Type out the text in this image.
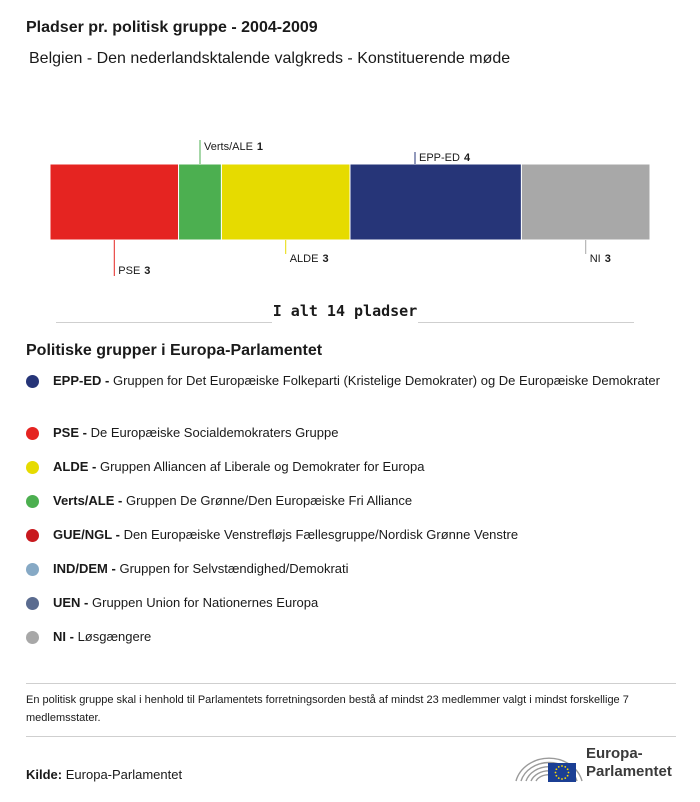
Pladser pr. politisk gruppe - 2004-2009
Belgien - Den nederlandsktalende valgkreds - Konstituerende møde
PSE 3
Verts/ALE 1
ALDE 3
EPP-ED 4
NI 3
I alt 14 pladser
Politiske grupper i Europa-Parlamentet
EPP-ED - Gruppen for Det Europæiske Folkeparti (Kristelige Demokrater) og De Europæiske Demokrater
PSE - De Europæiske Socialdemokraters Gruppe
ALDE - Gruppen Alliancen af Liberale og Demokrater for Europa
Verts/ALE - Gruppen De Grønne/Den Europæiske Fri Alliance
GUE/NGL - Den Europæiske Venstrefløjs Fællesgruppe/Nordisk Grønne Venstre
IND/DEM - Gruppen for Selvstændighed/Demokrati
UEN - Gruppen Union for Nationernes Europa
NI - Løsgængere
En politisk gruppe skal i henhold til Parlamentets forretningsorden bestå af mindst 23 medlemmer valgt i mindst forskellige 7 medlemsstater.
Kilde: Europa-Parlamentet
Europa-
Parlamentet
